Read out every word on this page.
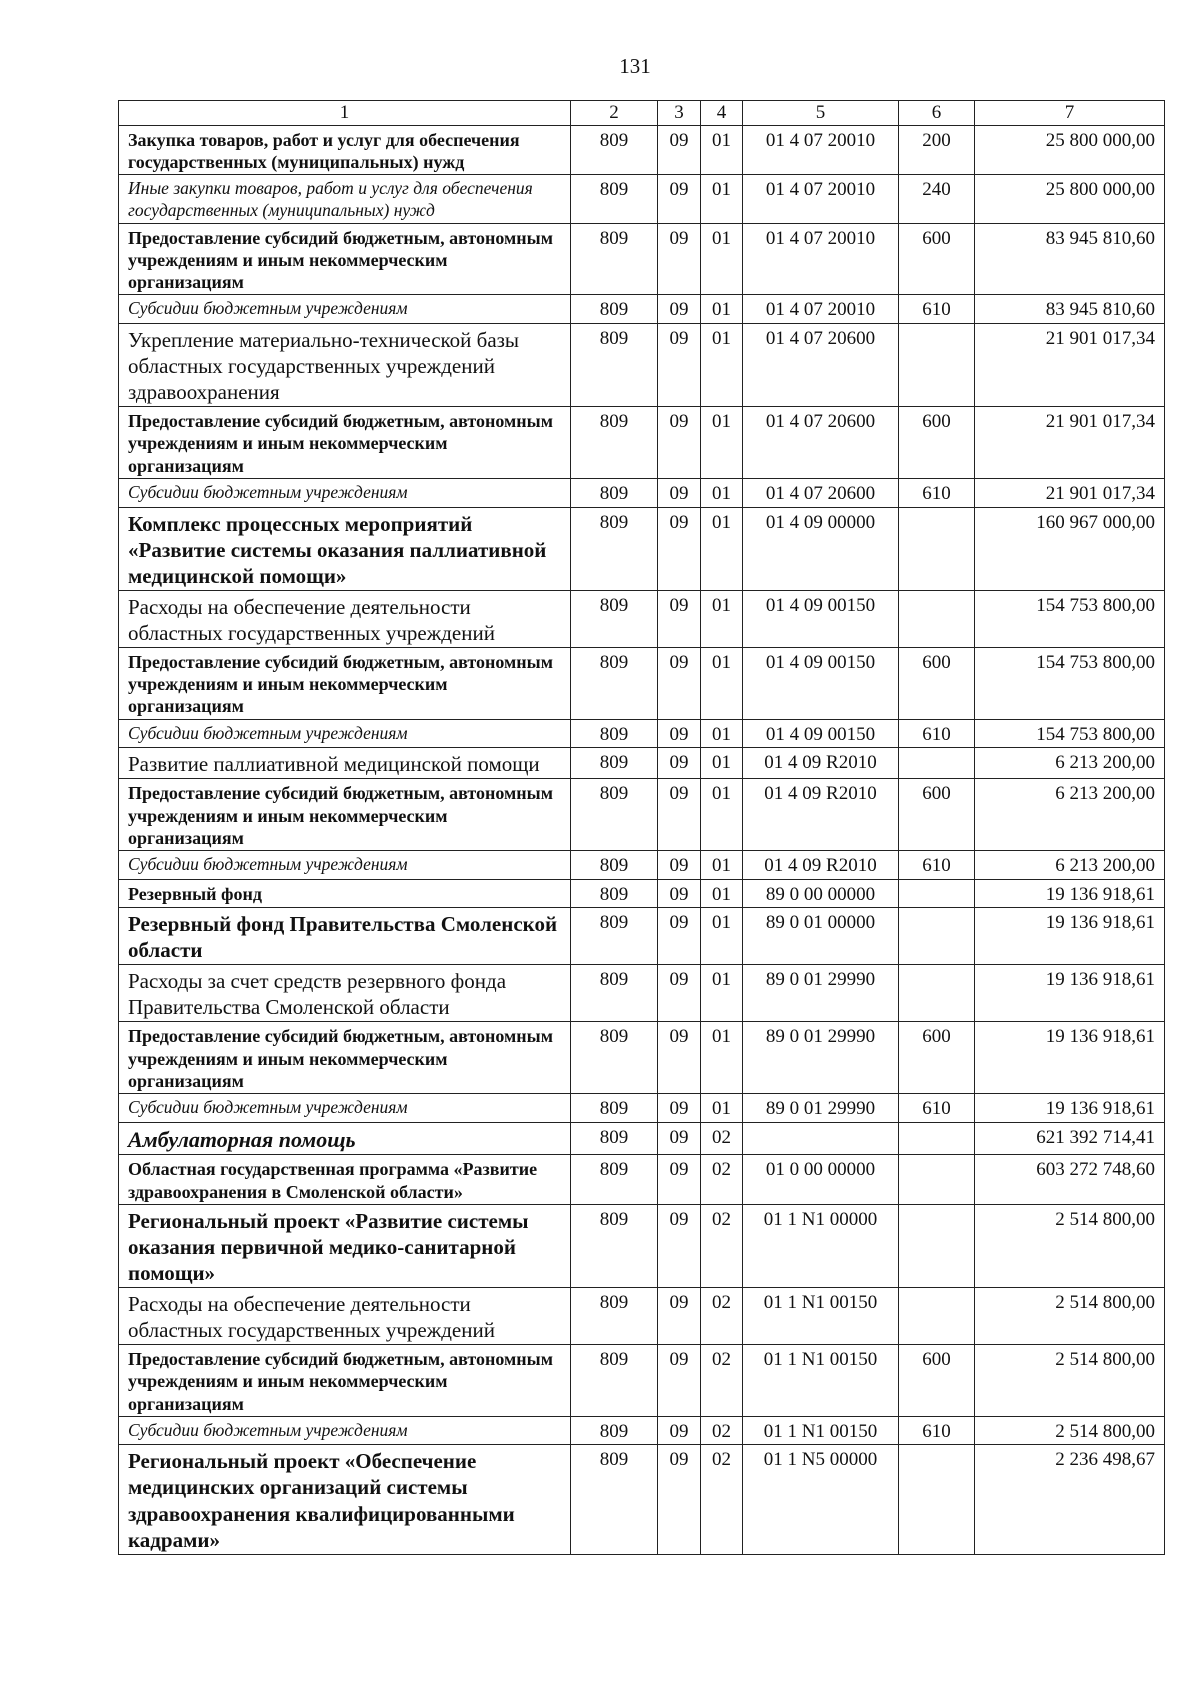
131
1	2	3	4	5	6	7
Закупка товаров, работ и услуг для обеспечения государственных (муниципальных) нужд	809	09	01	01 4 07 20010	200	25 800 000,00
Иные закупки товаров, работ и услуг для обеспечения государственных (муниципальных) нужд	809	09	01	01 4 07 20010	240	25 800 000,00
Предоставление субсидий бюджетным, автономным учреждениям и иным некоммерческим организациям	809	09	01	01 4 07 20010	600	83 945 810,60
Субсидии бюджетным учреждениям	809	09	01	01 4 07 20010	610	83 945 810,60
Укрепление материально-технической базы областных государственных учреждений здравоохранения	809	09	01	01 4 07 20600		21 901 017,34
Предоставление субсидий бюджетным, автономным учреждениям и иным некоммерческим организациям	809	09	01	01 4 07 20600	600	21 901 017,34
Субсидии бюджетным учреждениям	809	09	01	01 4 07 20600	610	21 901 017,34
Комплекс процессных мероприятий «Развитие системы оказания паллиативной медицинской помощи»	809	09	01	01 4 09 00000		160 967 000,00
Расходы на обеспечение деятельности областных государственных учреждений	809	09	01	01 4 09 00150		154 753 800,00
Предоставление субсидий бюджетным, автономным учреждениям и иным некоммерческим организациям	809	09	01	01 4 09 00150	600	154 753 800,00
Субсидии бюджетным учреждениям	809	09	01	01 4 09 00150	610	154 753 800,00
Развитие паллиативной медицинской помощи	809	09	01	01 4 09 R2010		6 213 200,00
Предоставление субсидий бюджетным, автономным учреждениям и иным некоммерческим организациям	809	09	01	01 4 09 R2010	600	6 213 200,00
Субсидии бюджетным учреждениям	809	09	01	01 4 09 R2010	610	6 213 200,00
Резервный фонд	809	09	01	89 0 00 00000		19 136 918,61
Резервный фонд Правительства Смоленской области	809	09	01	89 0 01 00000		19 136 918,61
Расходы за счет средств резервного фонда Правительства Смоленской области	809	09	01	89 0 01 29990		19 136 918,61
Предоставление субсидий бюджетным, автономным учреждениям и иным некоммерческим организациям	809	09	01	89 0 01 29990	600	19 136 918,61
Субсидии бюджетным учреждениям	809	09	01	89 0 01 29990	610	19 136 918,61
Амбулаторная помощь	809	09	02			621 392 714,41
Областная государственная программа «Развитие здравоохранения в Смоленской области»	809	09	02	01 0 00 00000		603 272 748,60
Региональный проект «Развитие системы оказания первичной медико-санитарной помощи»	809	09	02	01 1 N1 00000		2 514 800,00
Расходы на обеспечение деятельности областных государственных учреждений	809	09	02	01 1 N1 00150		2 514 800,00
Предоставление субсидий бюджетным, автономным учреждениям и иным некоммерческим организациям	809	09	02	01 1 N1 00150	600	2 514 800,00
Субсидии бюджетным учреждениям	809	09	02	01 1 N1 00150	610	2 514 800,00
Региональный проект «Обеспечение медицинских организаций системы здравоохранения квалифицированными кадрами»	809	09	02	01 1 N5 00000		2 236 498,67
